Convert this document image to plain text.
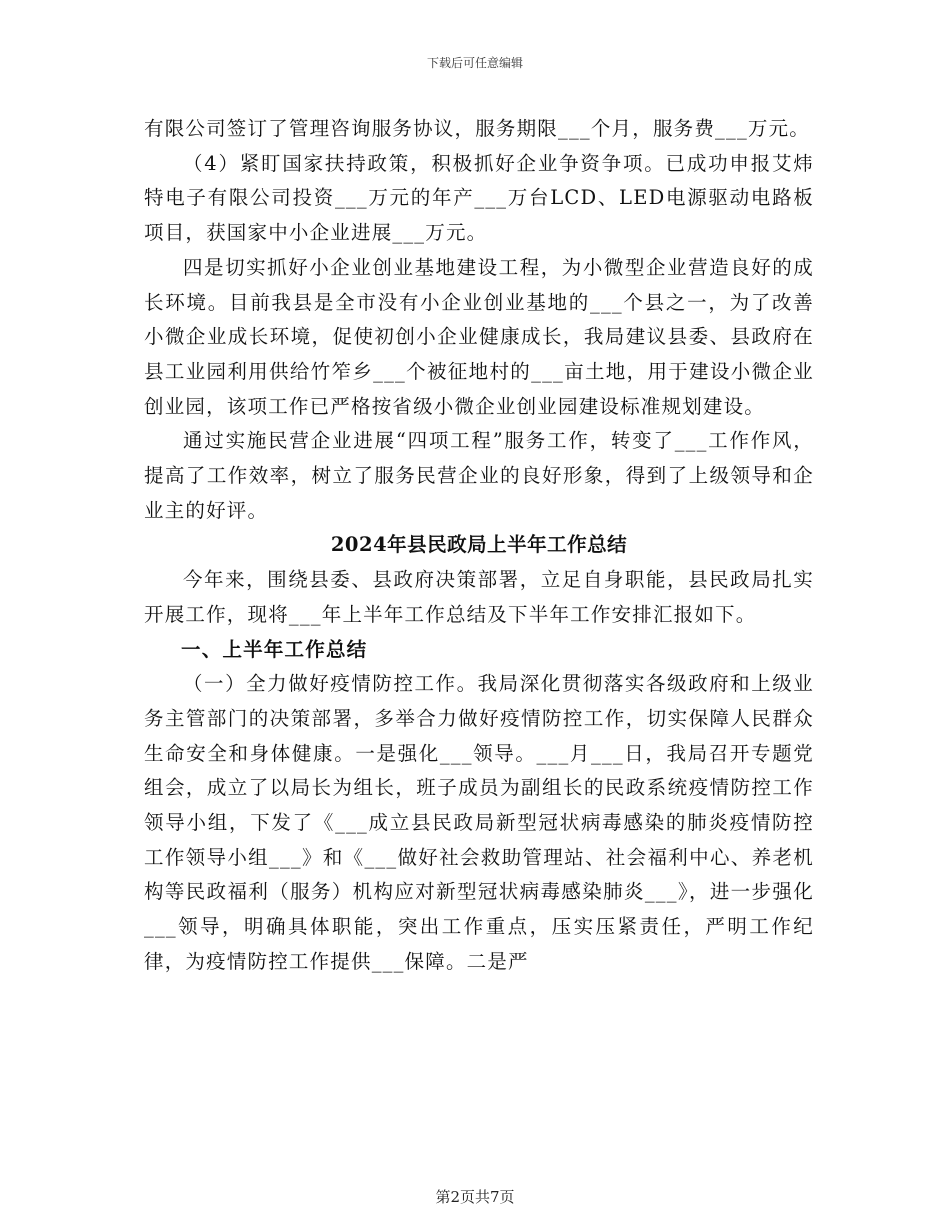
下载后可任意编辑

有限公司签订了管理咨询服务协议，服务期限___个月，服务费___万元。

（4）紧盯国家扶持政策，积极抓好企业争资争项。已成功申报艾炜特电子有限公司投资___万元的年产___万台LCD、LED电源驱动电路板项目，获国家中小企业进展___万元。

四是切实抓好小企业创业基地建设工程，为小微型企业营造良好的成长环境。目前我县是全市没有小企业创业基地的___个县之一，为了改善小微企业成长环境，促使初创小企业健康成长，我局建议县委、县政府在县工业园利用供给竹笮乡___个被征地村的___亩土地，用于建设小微企业创业园，该项工作已严格按省级小微企业创业园建设标准规划建设。

通过实施民营企业进展“四项工程”服务工作，转变了___工作作风，提高了工作效率，树立了服务民营企业的良好形象，得到了上级领导和企业主的好评。

2024年县民政局上半年工作总结

今年来，围绕县委、县政府决策部署，立足自身职能，县民政局扎实开展工作，现将___年上半年工作总结及下半年工作安排汇报如下。

一、上半年工作总结

（一）全力做好疫情防控工作。我局深化贯彻落实各级政府和上级业务主管部门的决策部署，多举合力做好疫情防控工作，切实保障人民群众生命安全和身体健康。一是强化___领导。___月___日，我局召开专题党组会，成立了以局长为组长，班子成员为副组长的民政系统疫情防控工作领导小组，下发了《___成立县民政局新型冠状病毒感染的肺炎疫情防控工作领导小组___》和《___做好社会救助管理站、社会福利中心、养老机构等民政福利（服务）机构应对新型冠状病毒感染肺炎___》，进一步强化___领导，明确具体职能，突出工作重点，压实压紧责任，严明工作纪律，为疫情防控工作提供___保障。二是严

第2页共7页
